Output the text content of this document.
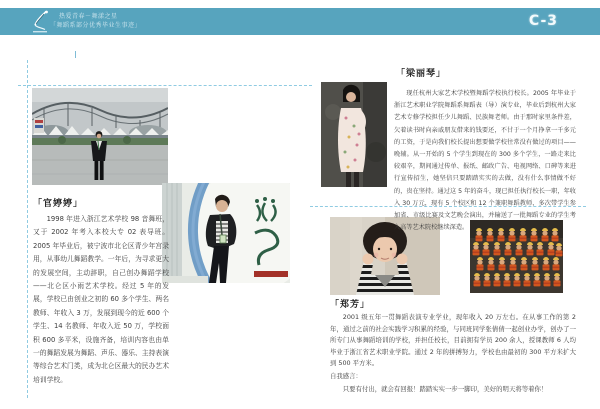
热爱青春－舞漾之星
「舞蹈系部分优秀毕业生事迹」	C-3
「官婷婷」
1998 年进入浙江艺术学校 98 音舞班，又于 2002 年考入本校大专 02 表导班。2005 年毕业后，被宁波市北仑区青少年宫录用，从事幼儿舞蹈教学。一年后，为寻求更大的发展空间，主动辞职，自己创办舞蹈学校——北仑区小雨艺术学校。经过 5 年的发展，学校已由创业之初的 60 多个学生、两名教师、年收入 3 万，发展到现今的近 600 个学生、14 名教师、年收入近 50 万，学校面积 600 多平米，设施齐备，培训内容也由单一的舞蹈发展为舞蹈、声乐、器乐、主持表演等综合艺术门类，成为北仑区最大的民办艺术培训学校。
「梁丽琴」
现任杭州大家艺术学校暨舞蹈学校执行校长。2005 年毕业于浙江艺术职业学院舞蹈系舞蹈表（导）演专业，毕业后到杭州大家艺术专修学校担任少儿舞蹈、民族舞老师。由于那时家里条件差，欠着读书时向亲戚朋友借来的钱要还，不甘于一个月挣拿一千多元的工资，于是向我们校长提出想要做学校往常没有做过的项目——晚辅。从一开始的 5 个学生到现在的 300 多个学生，一路走来比较艰辛，期间通过传单、报纸、邮政广告、电视网络、口碑等来进行宣传招生，她坚信只要踏踏实实的去做，没有什么事情做不好的，贵在坚持。通过这 5 年的奋斗，现已担任执行校长一职，年收入 30 万元，现有 5 个校区和 12 个兼职舞蹈教师，多次带学生参加省、市级比赛及文艺晚会演出，并输送了一批舞蹈专业的学生考入高等艺术院校继续深造。
「郑芳」
2001 级五年一贯舞蹈表演专业学业，现年收入 20 万左右。在从事工作的第 2 年，通过之前的社会实践学习积累的经验，与同班同学张倩倩一起创业办学，创办了一所专门从事舞蹈培训的学校，并担任校长，目前拥有学员 200 余人，授课教师 6 人均毕业于浙江省艺术职业学院。通过 2 年的拼搏努力，学校也由最初的 300 平方米扩大到 500 平方米。
自我感言：
只要有付出，就会有回报！踏踏实实一步一脚印，美好的明天将等着你！
